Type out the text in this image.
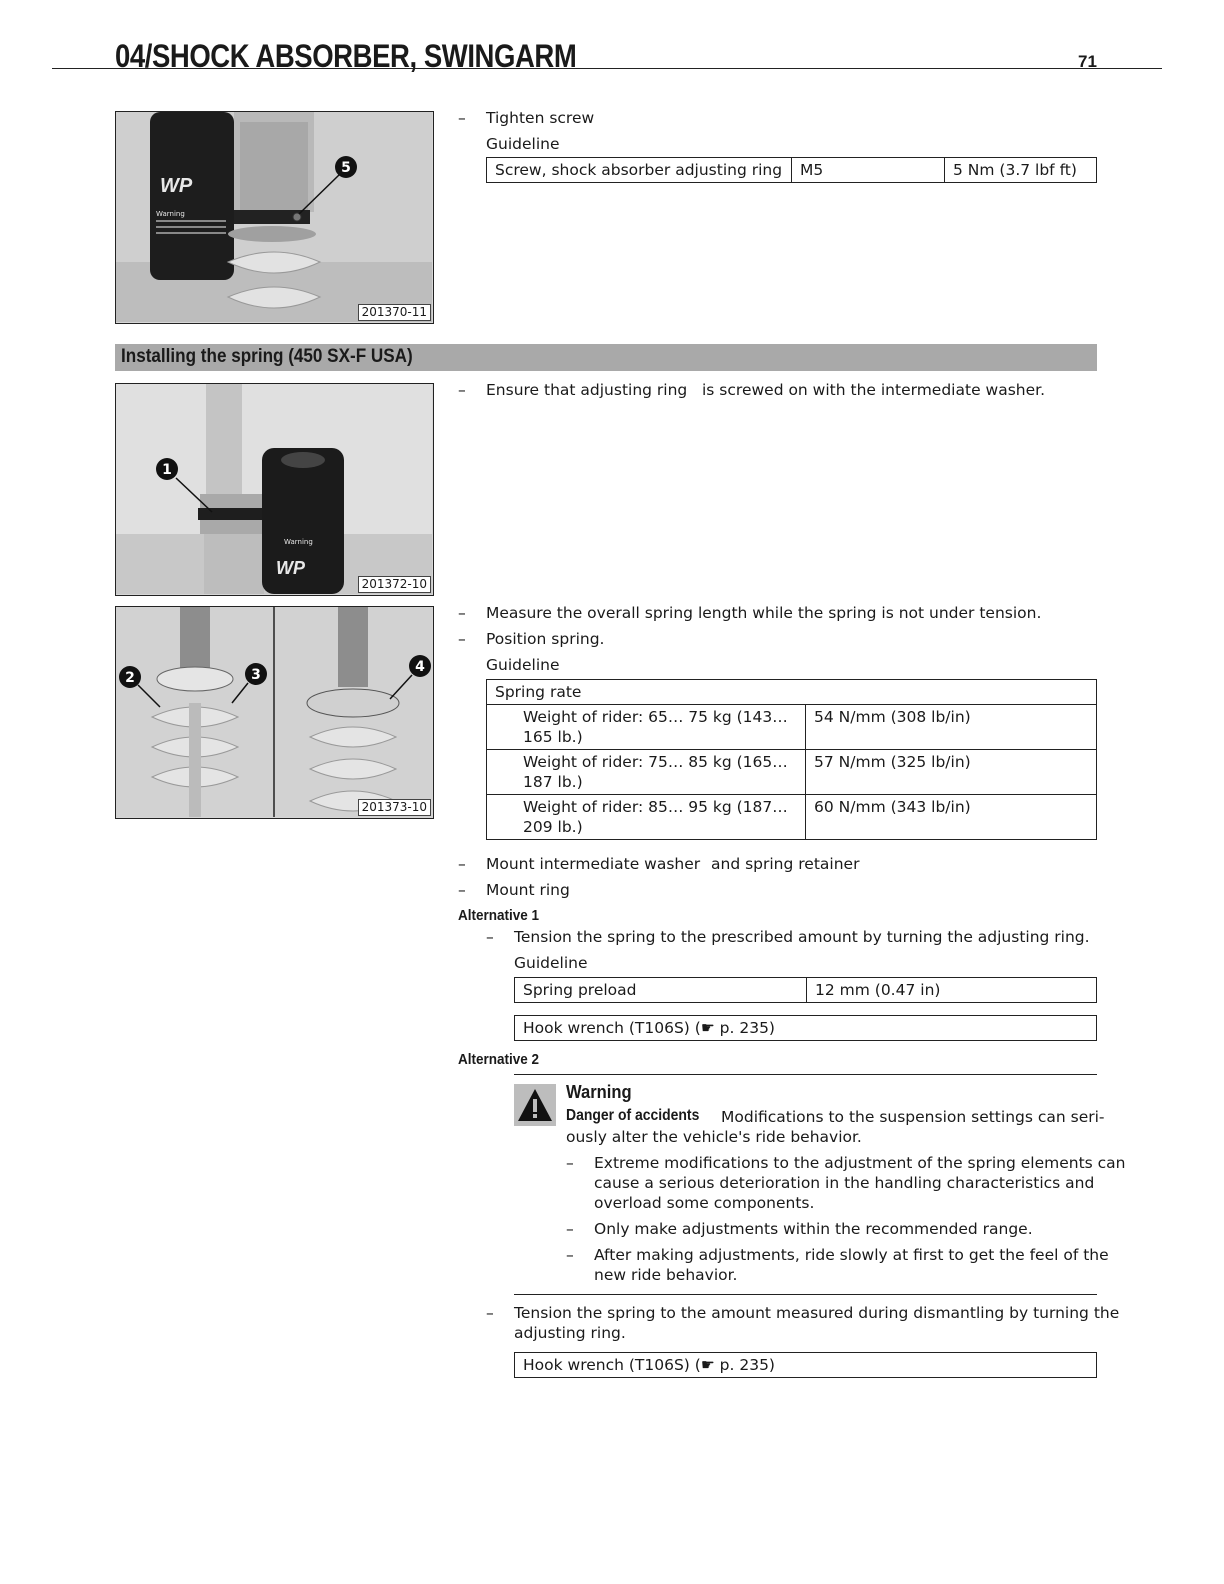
04/SHOCK ABSORBER, SWINGARM	71
WP
Warning
5
201370-11
– Tighten screw
Guideline
Screw, shock absorber adjusting ring	M5	5 Nm (3.7 lbf ft)
Installing the spring (450 SX-F USA)
WP
Warning
1
201372-10
– Ensure that adjusting ring is screwed on with the intermediate washer.
2	3	4
201373-10
– Measure the overall spring length while the spring is not under tension.
– Position spring.
Guideline
Spring rate	

Weight of rider: 65… 75 kg (143…
165 lb.)	54 N/mm (308 lb/in)

Weight of rider: 75… 85 kg (165…
187 lb.)	57 N/mm (325 lb/in)

Weight of rider: 85… 95 kg (187…
209 lb.)	60 N/mm (343 lb/in)
– Mount intermediate washer and spring retainer
– Mount ring
Alternative 1
– Tension the spring to the prescribed amount by turning the adjusting ring.
Guideline
Spring preload	12 mm (0.47 in)
Hook wrench (T106S) (☛ p. 235)
Alternative 2
Warning
Danger of accidents Modifications to the suspension settings can seri-
ously alter the vehicle's ride behavior.
– Extreme modifications to the adjustment of the spring elements can
cause a serious deterioration in the handling characteristics and
overload some components.
– Only make adjustments within the recommended range.
– After making adjustments, ride slowly at first to get the feel of the
new ride behavior.
– Tension the spring to the amount measured during dismantling by turning the
adjusting ring.
Hook wrench (T106S) (☛ p. 235)
